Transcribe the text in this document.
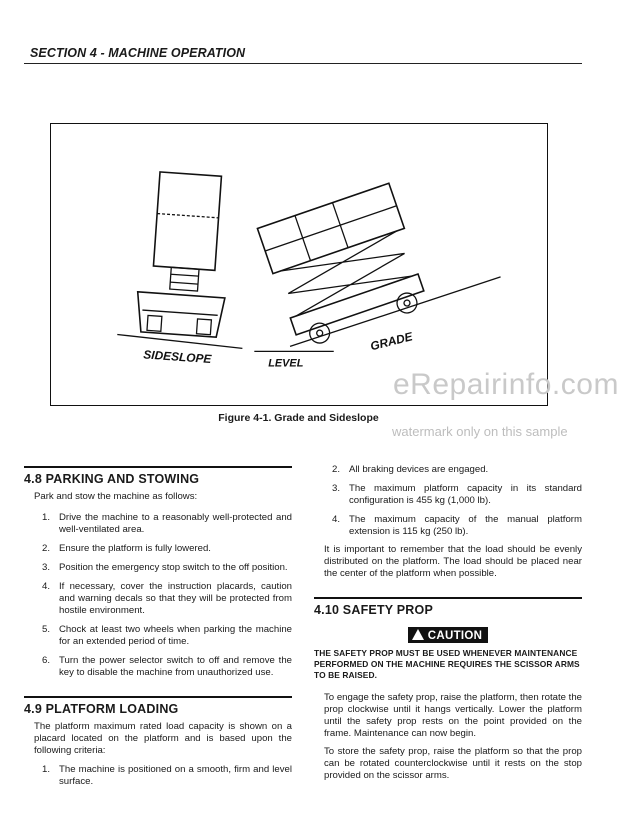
SECTION 4 - MACHINE OPERATION
SIDESLOPE	LEVEL
GRADE
eRepairinfo.com
Figure 4-1. Grade and Sideslope
watermark only on this sample
4.8 PARKING AND STOWING
Park and stow the machine as follows:
1. Drive the machine to a reasonably well-protected and well-ventilated area.
2. Ensure the platform is fully lowered.
3. Position the emergency stop switch to the off position.
4. If necessary, cover the instruction placards, caution and warning decals so that they will be protected from hostile environment.
5. Chock at least two wheels when parking the machine for an extended period of time.
6. Turn the power selector switch to off and remove the key to disable the machine from unauthorized use.
4.9 PLATFORM LOADING
The platform maximum rated load capacity is shown on a placard located on the platform and is based upon the following criteria:
1. The machine is positioned on a smooth, firm and level surface.
2. All braking devices are engaged.
3. The maximum platform capacity in its standard configuration is 455 kg (1,000 lb).
4. The maximum capacity of the manual platform extension is 115 kg (250 lb).
It is important to remember that the load should be evenly distributed on the platform. The load should be placed near the center of the platform when possible.
4.10 SAFETY PROP
CAUTION
THE SAFETY PROP MUST BE USED WHENEVER MAINTENANCE PERFORMED ON THE MACHINE REQUIRES THE SCISSOR ARMS TO BE RAISED.
To engage the safety prop, raise the platform, then rotate the prop clockwise until it hangs vertically. Lower the platform until the safety prop rests on the point provided on the frame. Maintenance can now begin.
To store the safety prop, raise the platform so that the prop can be rotated counterclockwise until it rests on the stop provided on the scissor arms.
